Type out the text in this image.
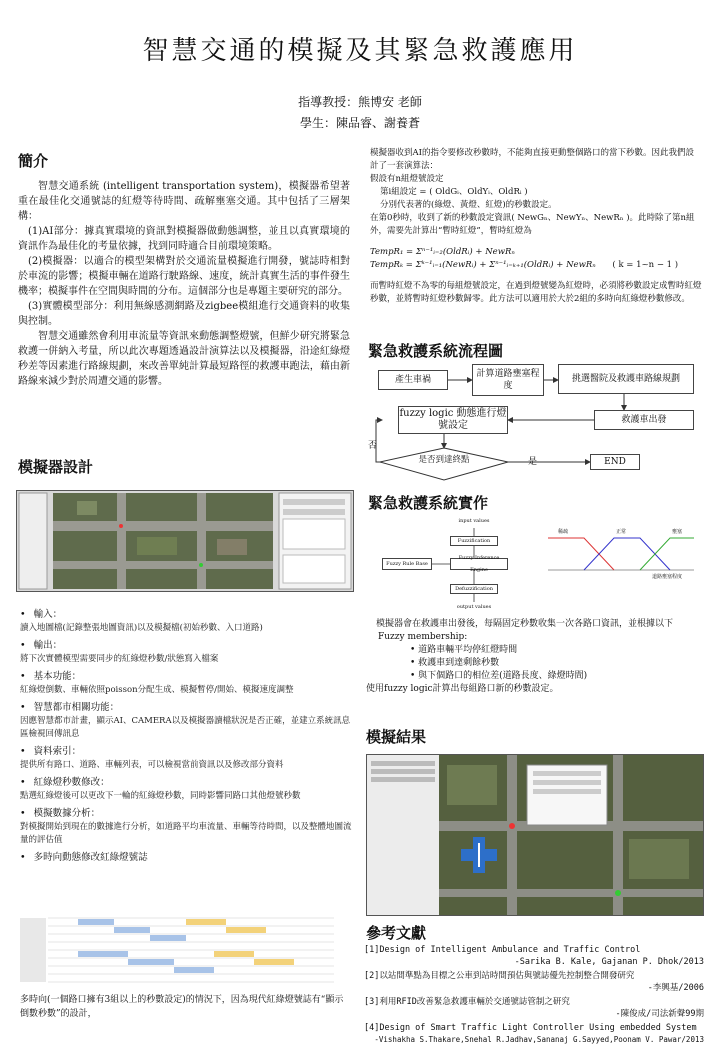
智慧交通的模擬及其緊急救護應用
指導教授：熊博安 老師
學生：陳品睿、謝養蒼
簡介
智慧交通系統 (intelligent transportation system)，模擬器希望著重在最佳化交通號誌的紅燈等待時間、疏解壅塞交通。其中包括了三層架構：
(1)AI部分：據真實環境的資訊對模擬器做動態調整，並且以真實環境的資訊作為最佳化的考量依據，找到同時適合目前環境策略。
(2)模擬器：以適合的模型架構對於交通流量模擬進行開發，號誌時相對於車流的影響；模擬車輛在道路行駛路線、速度，統計真實生活的事件發生機率；模擬事件在空間與時間的分布。這個部分也是專題主要研究的部分。
(3)實體模型部分：利用無線感測網路及zigbee模組進行交通資料的收集與控制。
智慧交通雖然會利用車流量等資訊來動態調整燈號，但鮮少研究將緊急救護一併納入考量，所以此次專題透過設計演算法以及模擬器，沿途紅綠燈秒差等因素進行路線規劃，來改善單純計算最短路徑的救護車跑法，藉由新路線來減少對於周遭交通的影響。
模擬器設計
• 輸入：
讀入地圖檔(記錄整張地圖資訊)以及模擬檔(初始秒數、入口道路)
• 輸出：
將下次實體模型需要同步的紅綠燈秒數/狀態寫入檔案
• 基本功能：
紅綠燈倒數、車輛依照poisson分配生成、模擬暫停/開始、模擬速度調整
• 智慧都市相關功能：
因應智慧都市計畫，顯示AI、CAMERA以及模擬器讀檔狀況是否正確，並建立系統訊息區檢視回傳訊息
• 資料索引：
提供所有路口、道路、車輛列表，可以檢視當前資訊以及修改部分資料
• 紅綠燈秒數修改：
點選紅綠燈後可以更改下一輪的紅綠燈秒數，同時影響同路口其他燈號秒數
• 模擬數據分析：
對模擬開始到現在的數據進行分析，如道路平均車流量、車輛等待時間，以及整體地圖流量的評估值
• 多時向動態修改紅綠燈號誌
多時向(一個路口擁有3組以上的秒數設定)的情況下，因為現代紅綠燈號誌有“顯示倒數秒數”的設計，
模擬器收到AI的指令要修改秒數時，不能夠直接更動整個路口的當下秒數。因此我們設計了一套演算法：
假設有n組燈號設定
第i組設定 = ( OldGᵢ、OldYᵢ、OldRᵢ )
分別代表著的(綠燈、黃燈、紅燈)的秒數設定。
在第0秒時，收到了新的秒數設定資訊( NewGₙ、NewYₙ、NewRₙ )。此時除了第n組外，需要先計算出“暫時紅燈”，暫時紅燈為
TempR₁ = Σⁿ⁻¹ᵢ₌₂(OldRᵢ) + NewRₙ
TempRₖ = Σᵏ⁻¹ᵢ₌₁(NewRᵢ) + Σⁿ⁻¹ᵢ₌ₖ₊₁(OldRᵢ) + NewRₙ ( k = 1~n − 1 )
而暫時紅燈不為零的每組燈號設定，在過到燈號變為紅燈時，必須將秒數設定成暫時紅燈秒數，並將暫時紅燈秒數歸零。此方法可以適用於大於2組的多時向紅綠燈秒數修改。
緊急救護系統流程圖
產生車禍
計算道路壅塞程度
挑選醫院及救護車路線規劃
救護車出發
fuzzy logic 動態進行燈號設定
是否到達終點	END
是
否
緊急救護系統實作
input values
Fuzzification
Fuzzy Rule Base
Fuzzy Inference Engine
Defuzzification
output values
稀疏	正常	壅塞
道路壅塞程度
模擬器會在救護車出發後，每隔固定秒數收集一次各路口資訊，並根據以下
Fuzzy membership:
• 道路車輛平均停紅燈時間
• 救護車到達剩餘秒數
• 與下個路口的相位差(道路長度、綠燈時間)
使用fuzzy logic計算出每組路口新的秒數設定。
模擬結果
參考文獻
[1]Design of Intelligent Ambulance and Traffic Control
-Sarika B. Kale, Gajanan P. Dhok/2013
[2]以站間準點為目標之公車到站時間預估與號誌優先控制整合開發研究
-李興基/2006
[3]利用RFID改善緊急救護車輛於交通號誌管制之研究
-陳俊成/司法新聲99期
[4]Design of Smart Traffic Light Controller Using embedded System
-Vishakha S.Thakare,Snehal R.Jadhav,Sananaj G.Sayyed,Poonam V. Pawar/2013
